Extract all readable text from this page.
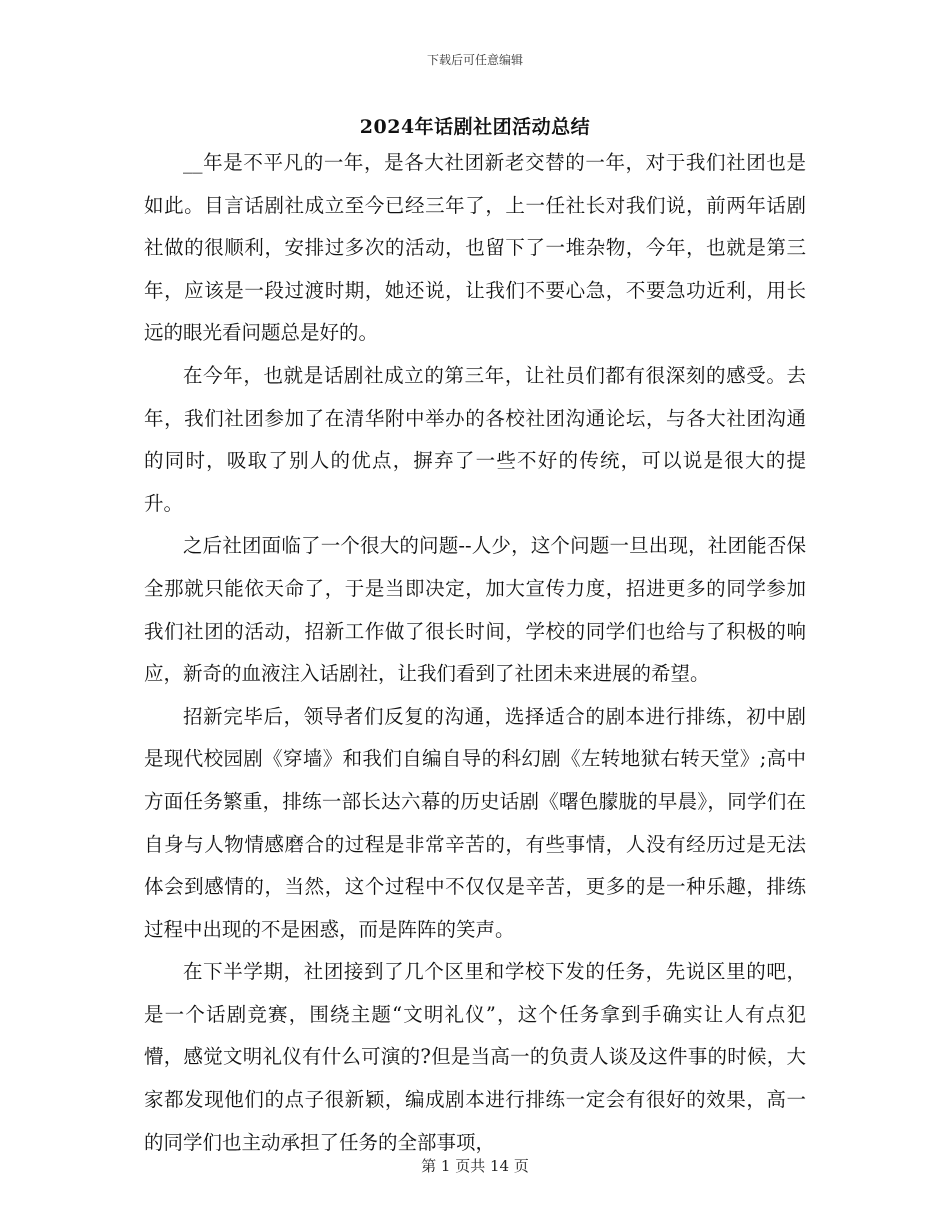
下载后可任意编辑
2024年话剧社团活动总结

__年是不平凡的一年，是各大社团新老交替的一年，对于我们社团也是如此。目言话剧社成立至今已经三年了，上一任社长对我们说，前两年话剧社做的很顺利，安排过多次的活动，也留下了一堆杂物，今年，也就是第三年，应该是一段过渡时期，她还说，让我们不要心急，不要急功近利，用长远的眼光看问题总是好的。

在今年，也就是话剧社成立的第三年，让社员们都有很深刻的感受。去年，我们社团参加了在清华附中举办的各校社团沟通论坛，与各大社团沟通的同时，吸取了别人的优点，摒弃了一些不好的传统，可以说是很大的提升。

之后社团面临了一个很大的问题--人少，这个问题一旦出现，社团能否保全那就只能依天命了，于是当即决定，加大宣传力度，招进更多的同学参加我们社团的活动，招新工作做了很长时间，学校的同学们也给与了积极的响应，新奇的血液注入话剧社，让我们看到了社团未来进展的希望。

招新完毕后，领导者们反复的沟通，选择适合的剧本进行排练，初中剧是现代校园剧《穿墙》和我们自编自导的科幻剧《左转地狱右转天堂》;高中方面任务繁重，排练一部长达六幕的历史话剧《曙色朦胧的早晨》，同学们在自身与人物情感磨合的过程是非常辛苦的，有些事情，人没有经历过是无法体会到感情的，当然，这个过程中不仅仅是辛苦，更多的是一种乐趣，排练过程中出现的不是困惑，而是阵阵的笑声。

在下半学期，社团接到了几个区里和学校下发的任务，先说区里的吧，是一个话剧竞赛，围绕主题“文明礼仪”，这个任务拿到手确实让人有点犯懵，感觉文明礼仪有什么可演的?但是当高一的负责人谈及这件事的时候，大家都发现他们的点子很新颖，编成剧本进行排练一定会有很好的效果，高一的同学们也主动承担了任务的全部事项，

第 1 页共 14 页
